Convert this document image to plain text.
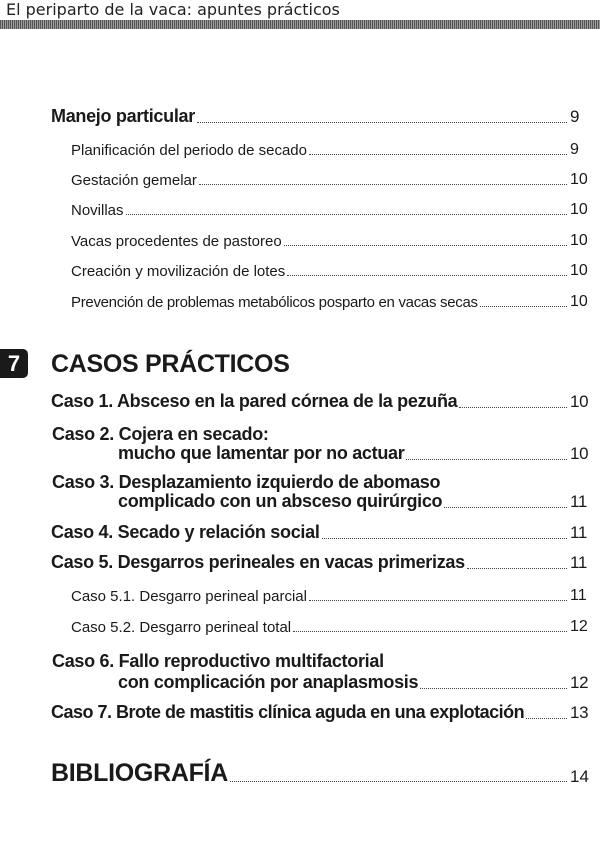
El periparto de la vaca: apuntes prácticos
Manejo particular	9
Planificación del periodo de secado	9
Gestación gemelar	10
Novillas	10
Vacas procedentes de pastoreo	10
Creación y movilización de lotes	10
Prevención de problemas metabólicos posparto en vacas secas	10
7	CASOS PRÁCTICOS
Caso 1. Absceso en la pared córnea de la pezuña	10
Caso 2. Cojera en secado:
mucho que lamentar por no actuar	10
Caso 3. Desplazamiento izquierdo de abomaso
complicado con un absceso quirúrgico	11
Caso 4. Secado y relación social	11
Caso 5. Desgarros perineales en vacas primerizas	11
Caso 5.1. Desgarro perineal parcial	11
Caso 5.2. Desgarro perineal total	12
Caso 6. Fallo reproductivo multifactorial
con complicación por anaplasmosis	12
Caso 7. Brote de mastitis clínica aguda en una explotación	13
BIBLIOGRAFÍA	14
